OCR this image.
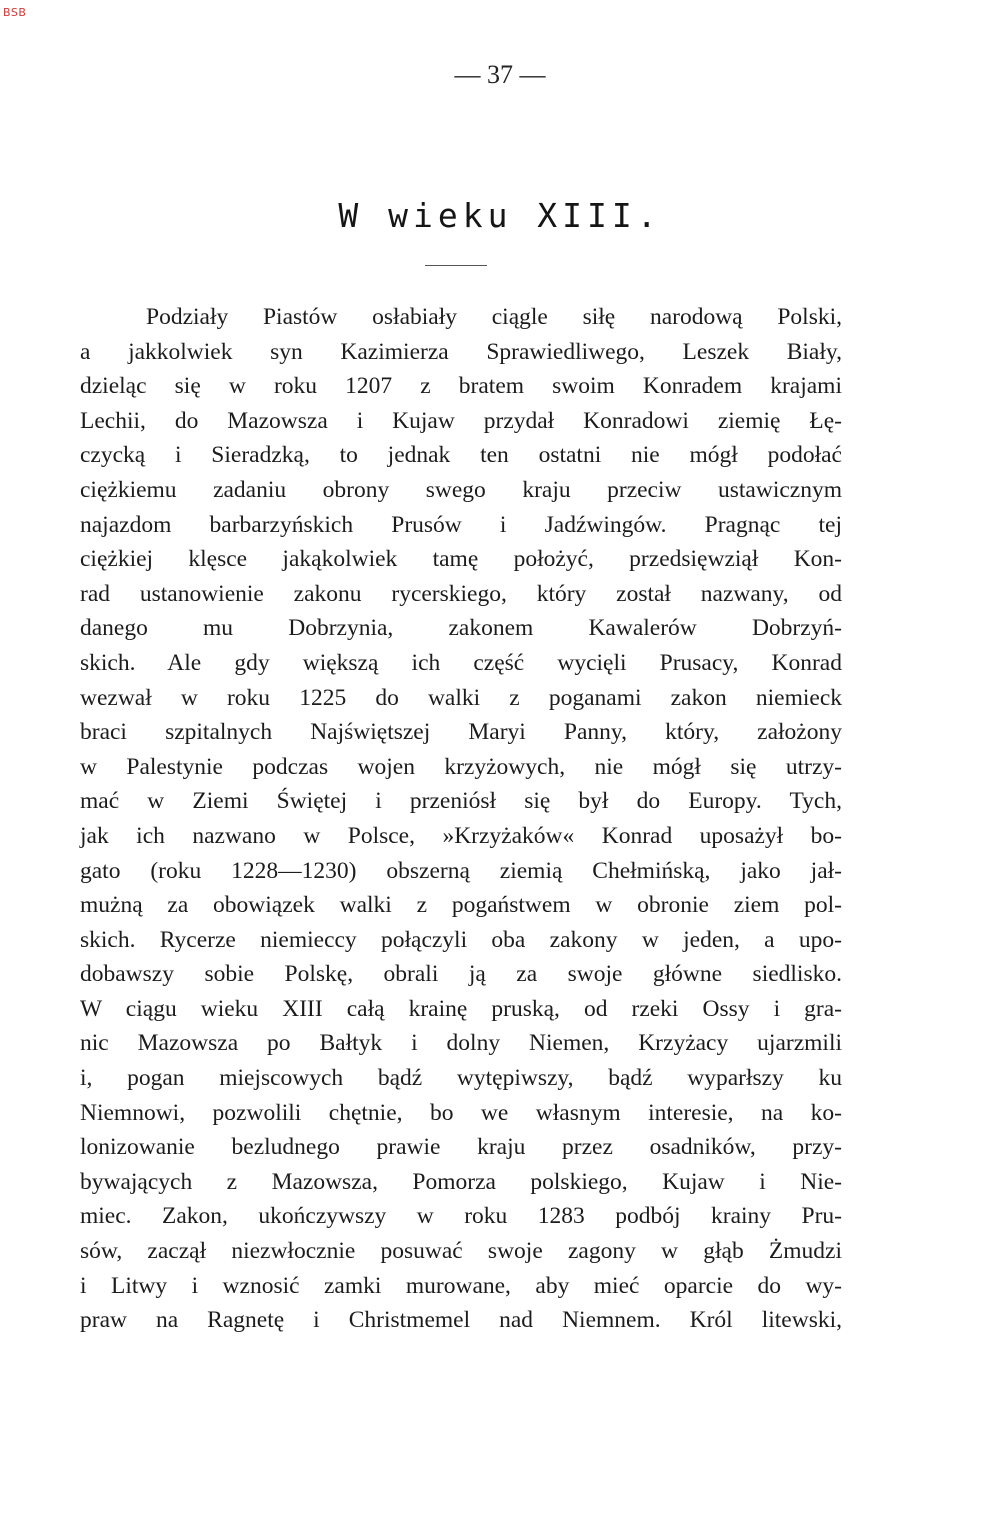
BSB
— 37 —
W wieku XIII.
Podziały Piastów osłabiały ciągle siłę narodową Polski,
a jakkolwiek syn Kazimierza Sprawiedliwego, Leszek Biały,
dzieląc się w roku 1207 z bratem swoim Konradem krajami
Lechii, do Mazowsza i Kujaw przydał Konradowi ziemię Łę-
czycką i Sieradzką, to jednak ten ostatni nie mógł podołać
ciężkiemu zadaniu obrony swego kraju przeciw ustawicznym
najazdom barbarzyńskich Prusów i Jadźwingów. Pragnąc tej
ciężkiej klęsce jakąkolwiek tamę położyć, przedsięwziął Kon-
rad ustanowienie zakonu rycerskiego, który został nazwany, od
danego mu Dobrzynia, zakonem Kawalerów Dobrzyń-
skich. Ale gdy większą ich część wycięli Prusacy, Konrad
wezwał w roku 1225 do walki z poganami zakon niemieck
braci szpitalnych Najświętszej Maryi Panny, który, założony
w Palestynie podczas wojen krzyżowych, nie mógł się utrzy-
mać w Ziemi Świętej i przeniósł się był do Europy. Tych,
jak ich nazwano w Polsce, »Krzyżaków« Konrad uposażył bo-
gato (roku 1228—1230) obszerną ziemią Chełmińską, jako jał-
mużną za obowiązek walki z pogaństwem w obronie ziem pol-
skich. Rycerze niemieccy połączyli oba zakony w jeden, a upo-
dobawszy sobie Polskę, obrali ją za swoje główne siedlisko.
W ciągu wieku XIII całą krainę pruską, od rzeki Ossy i gra-
nic Mazowsza po Bałtyk i dolny Niemen, Krzyżacy ujarzmili
i, pogan miejscowych bądź wytępiwszy, bądź wyparłszy ku
Niemnowi, pozwolili chętnie, bo we własnym interesie, na ko-
lonizowanie bezludnego prawie kraju przez osadników, przy-
bywających z Mazowsza, Pomorza polskiego, Kujaw i Nie-
miec. Zakon, ukończywszy w roku 1283 podbój krainy Pru-
sów, zaczął niezwłocznie posuwać swoje zagony w głąb Żmudzi
i Litwy i wznosić zamki murowane, aby mieć oparcie do wy-
praw na Ragnetę i Christmemel nad Niemnem. Król litewski,
